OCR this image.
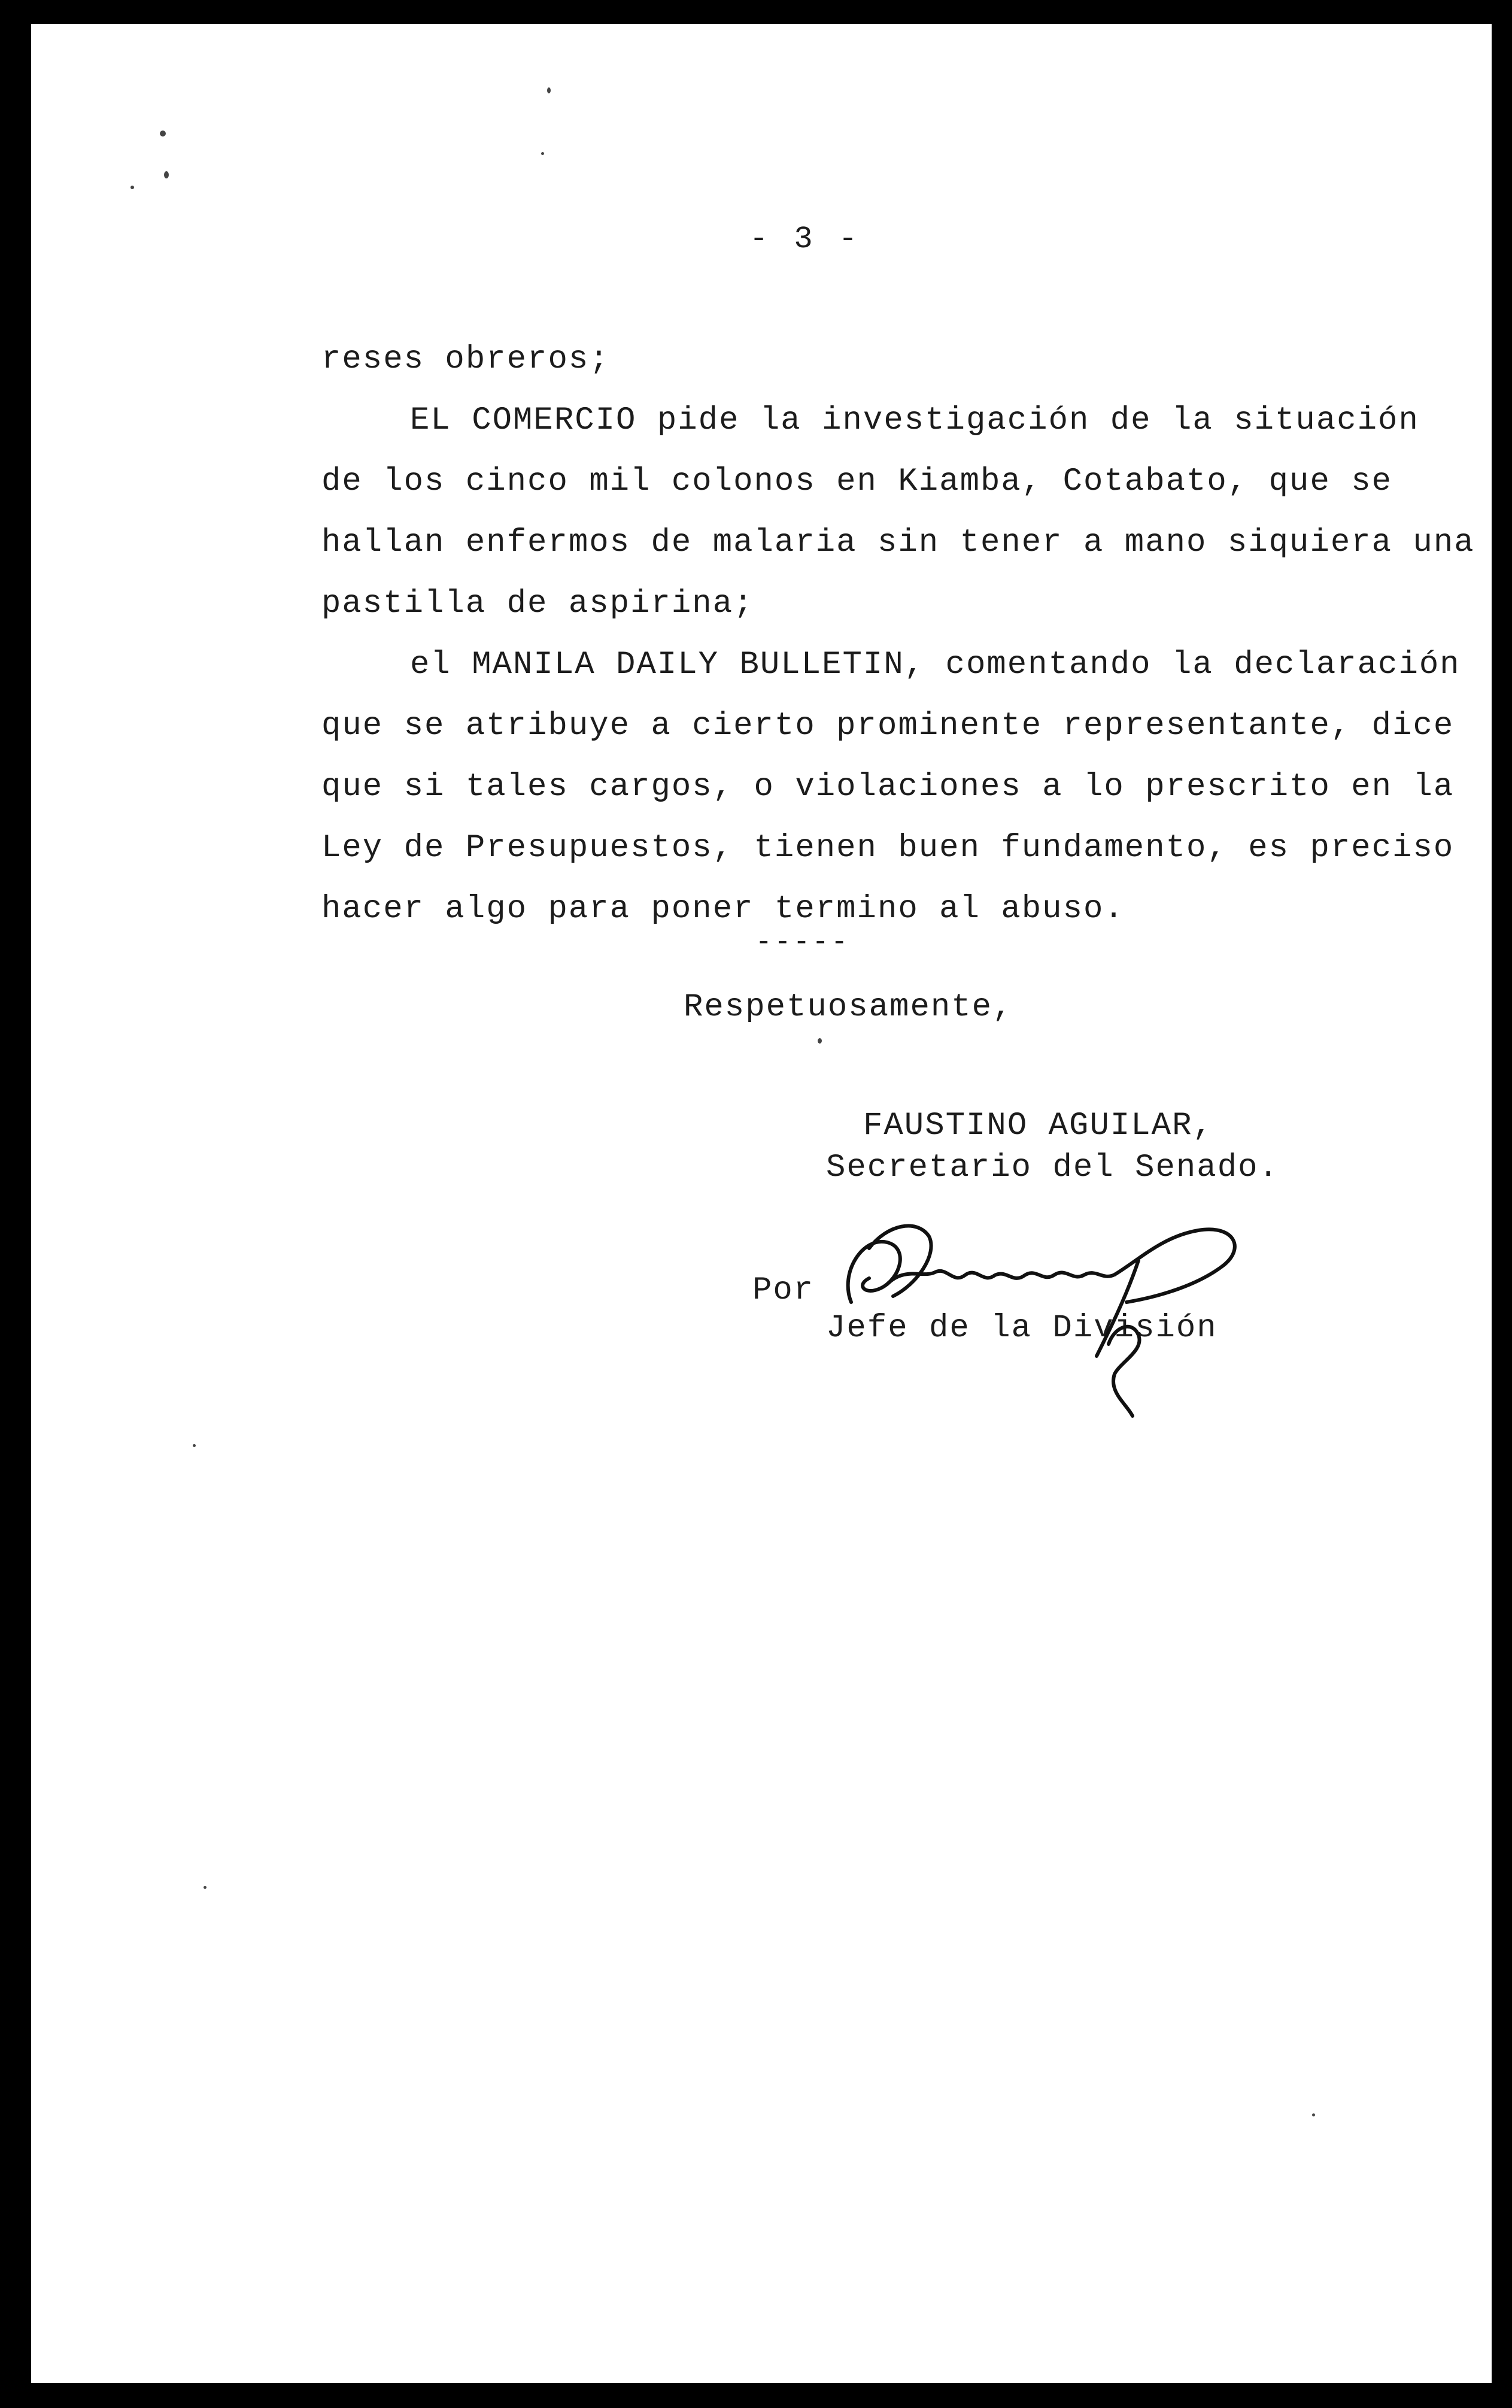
- 3 -
reses obreros;
EL COMERCIO pide la investigación de la situación
de los cinco mil colonos en Kiamba, Cotabato, que se
hallan enfermos de malaria sin tener a mano siquiera una
pastilla de aspirina;
el MANILA DAILY BULLETIN, comentando la declaración
que se atribuye a cierto prominente representante, dice
que si tales cargos, o violaciones a lo prescrito en la
Ley de Presupuestos, tienen buen fundamento, es preciso
hacer algo para poner termino al abuso.
-----
Respetuosamente,
FAUSTINO AGUILAR,
Secretario del Senado.
Por
Jefe de la División
